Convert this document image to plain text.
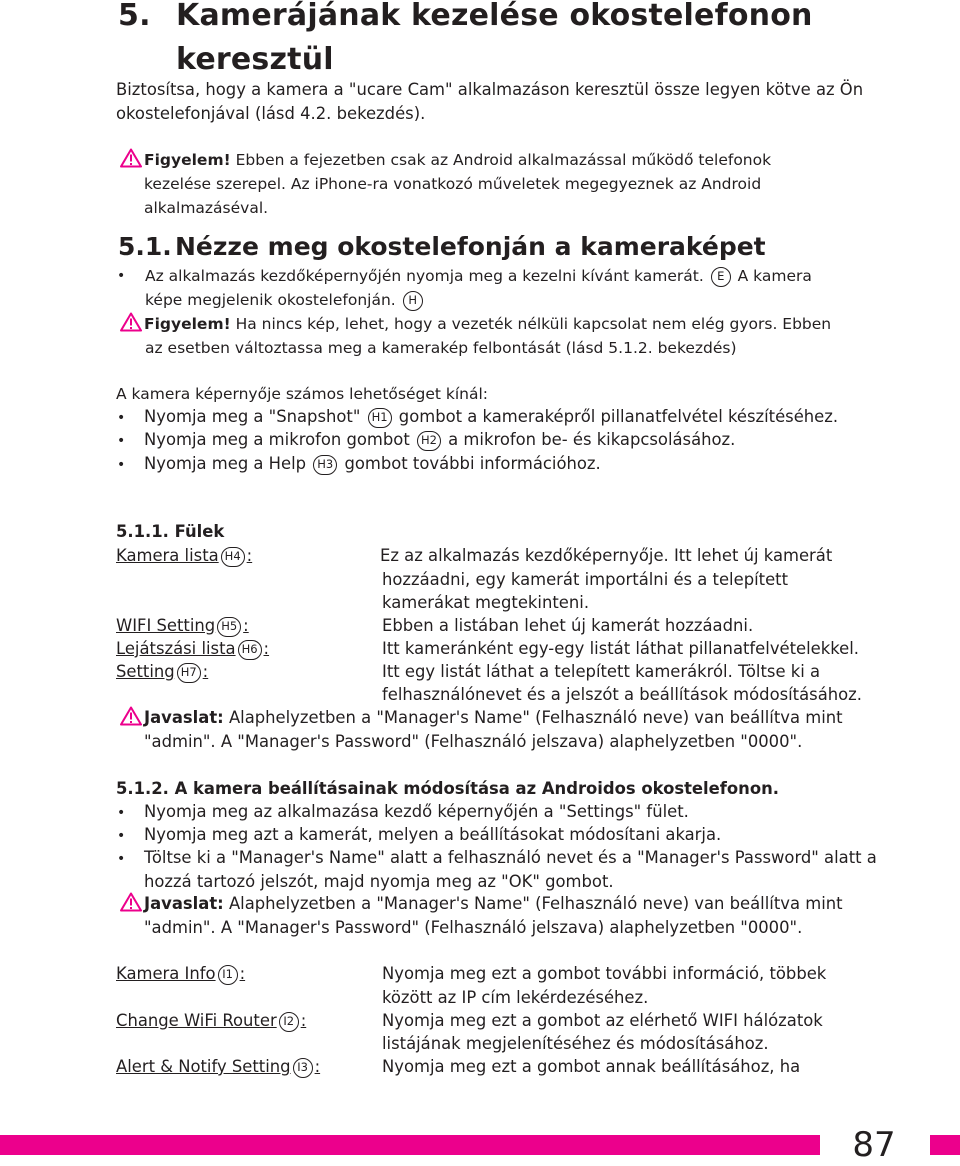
5. Kamerájának kezelése okostelefonon
keresztül
Biztosítsa, hogy a kamera a "ucare Cam" alkalmazáson keresztül össze legyen kötve az Ön
okostelefonjával (lásd 4.2. bekezdés).
Figyelem! Ebben a fejezetben csak az Android alkalmazással működő telefonok
kezelése szerepel. Az iPhone-ra vonatkozó műveletek megegyeznek az Android
alkalmazáséval.
5.1. Nézze meg okostelefonján a kameraképet
• Az alkalmazás kezdőképernyőjén nyomja meg a kezelni kívánt kamerát. E A kamera
képe megjelenik okostelefonján. H
Figyelem! Ha nincs kép, lehet, hogy a vezeték nélküli kapcsolat nem elég gyors. Ebben
az esetben változtassa meg a kamerakép felbontását (lásd 5.1.2. bekezdés)
A kamera képernyője számos lehetőséget kínál:
• Nyomja meg a "Snapshot" H1 gombot a kameraképről pillanatfelvétel készítéséhez.
• Nyomja meg a mikrofon gombot H2 a mikrofon be- és kikapcsolásához.
• Nyomja meg a Help H3 gombot további információhoz.
5.1.1. Fülek
Kamera lista H4 :	Ez az alkalmazás kezdőképernyője. Itt lehet új kamerát
hozzáadni, egy kamerát importálni és a telepített
kamerákat megtekinteni.
WIFI Setting H5 :	Ebben a listában lehet új kamerát hozzáadni.
Lejátszási lista H6 :	Itt kameránként egy-egy listát láthat pillanatfelvételekkel.
Setting H7 :	Itt egy listát láthat a telepített kamerákról. Töltse ki a
felhasználónevet és a jelszót a beállítások módosításához.
Javaslat: Alaphelyzetben a "Manager's Name" (Felhasználó neve) van beállítva mint
"admin". A "Manager's Password" (Felhasználó jelszava) alaphelyzetben "0000".
5.1.2. A kamera beállításainak módosítása az Androidos okostelefonon.
• Nyomja meg az alkalmazása kezdő képernyőjén a "Settings" fület.
• Nyomja meg azt a kamerát, melyen a beállításokat módosítani akarja.
• Töltse ki a "Manager's Name" alatt a felhasználó nevet és a "Manager's Password" alatt a
hozzá tartozó jelszót, majd nyomja meg az "OK" gombot.
Javaslat: Alaphelyzetben a "Manager's Name" (Felhasználó neve) van beállítva mint
"admin". A "Manager's Password" (Felhasználó jelszava) alaphelyzetben "0000".
Kamera Info I1 :	Nyomja meg ezt a gombot további információ, többek
között az IP cím lekérdezéséhez.
Change WiFi Router I2 :	Nyomja meg ezt a gombot az elérhető WIFI hálózatok
listájának megjelenítéséhez és módosításához.
Alert & Notify Setting I3 :	Nyomja meg ezt a gombot annak beállításához, ha
87
